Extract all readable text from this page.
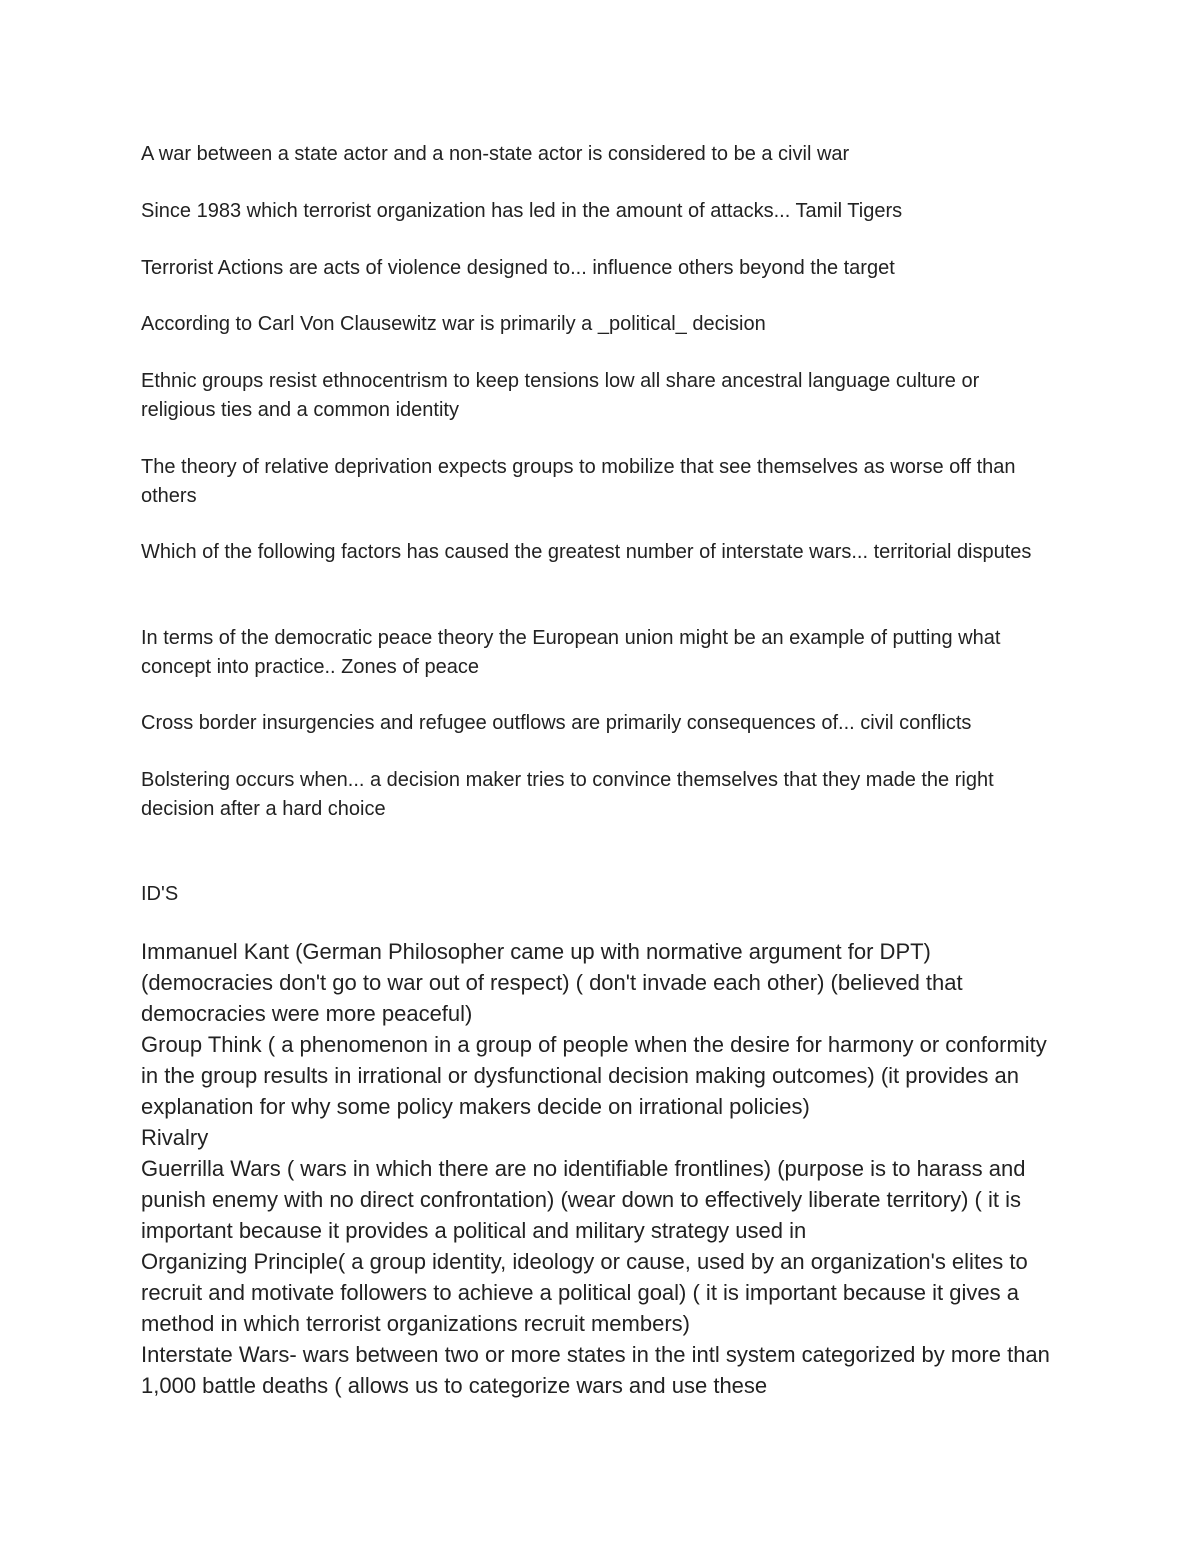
A war between a state actor and a non-state actor is considered to be a civil war

Since 1983 which terrorist organization has led in the amount of attacks... Tamil Tigers

Terrorist Actions are acts of violence designed to... influence others beyond the target

According to Carl Von Clausewitz war is primarily a _political_ decision

Ethnic groups resist ethnocentrism to keep tensions low all share ancestral language culture or religious ties and a common identity

The theory of relative deprivation expects groups to mobilize that see themselves as worse off than others

Which of the following factors has caused the greatest number of interstate wars... territorial disputes

In terms of the democratic peace theory the European union might be an example of putting what concept into practice.. Zones of peace

Cross border insurgencies and refugee outflows are primarily consequences of... civil conflicts

Bolstering occurs when... a decision maker tries to convince themselves that they made the right decision after a hard choice

ID'S

Immanuel Kant (German Philosopher came up with normative argument for DPT) (democracies don't go to war out of respect) ( don't invade each other) (believed that democracies were more peaceful)
Group Think ( a phenomenon in a group of people when the desire for harmony or conformity in the group results in irrational or dysfunctional decision making outcomes) (it provides an explanation for why some policy makers decide on irrational policies)
Rivalry
Guerrilla Wars ( wars in which there are no identifiable frontlines) (purpose is to harass and punish enemy with no direct confrontation) (wear down to effectively liberate territory) ( it is important because it provides a political and military strategy used in
Organizing Principle( a group identity, ideology or cause, used by an organization's elites to recruit and motivate followers to achieve a political goal) ( it is important because it gives a method in which terrorist organizations recruit members)
Interstate Wars- wars between two or more states in the intl system categorized by more than 1,000 battle deaths ( allows us to categorize wars and use these
